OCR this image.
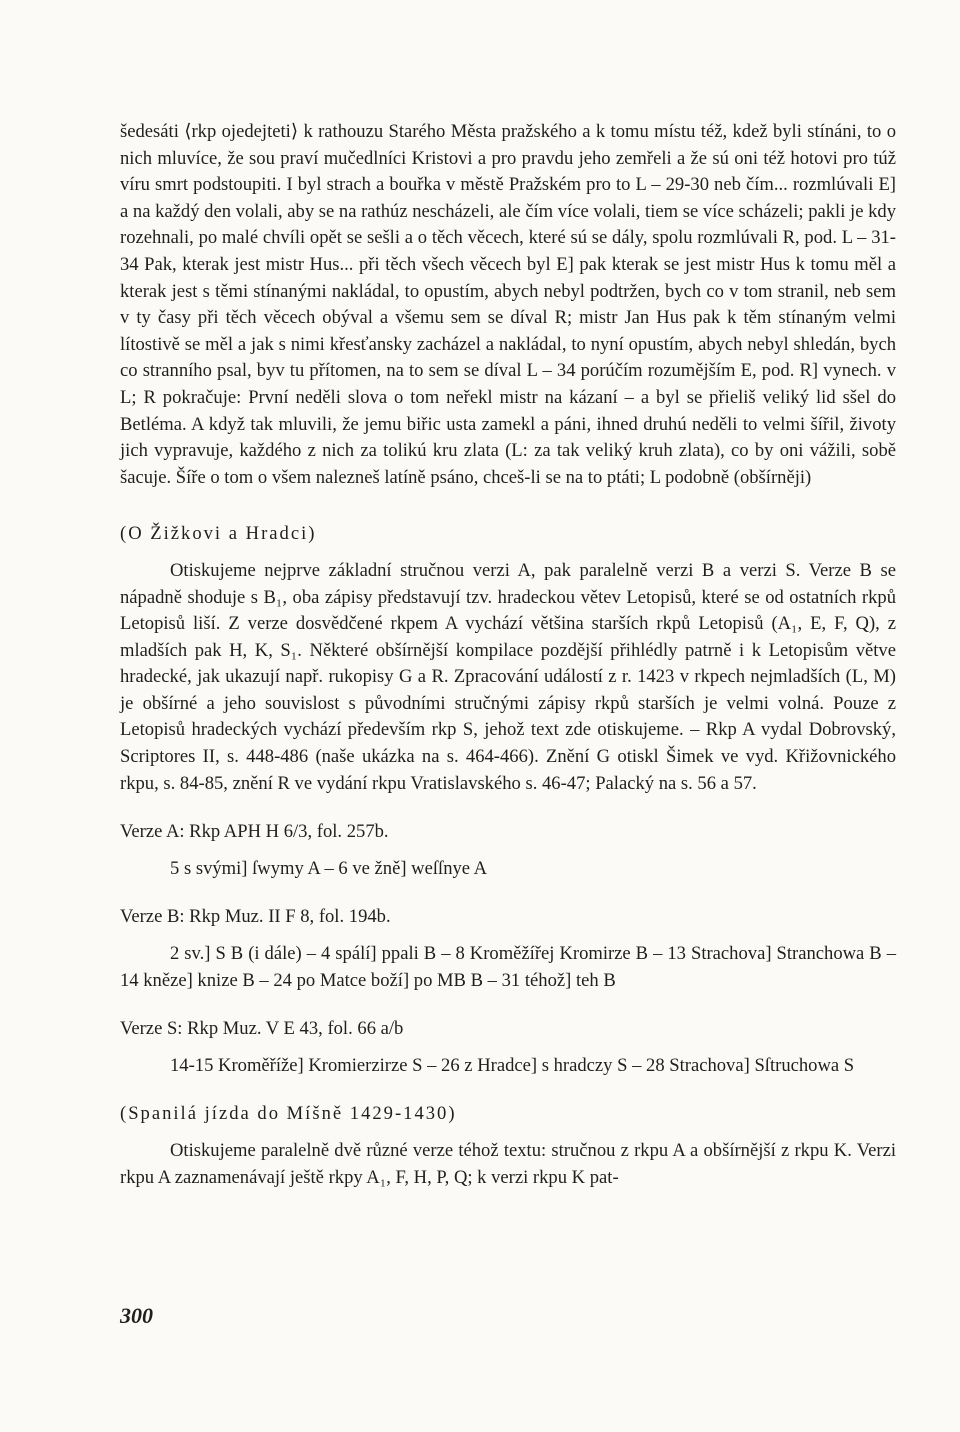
šedesáti ⟨rkp ojedejteti⟩ k rathouzu Starého Města pražského a k tomu místu též, kdež byli stínáni, to o nich mluvíce, že sou praví mučedlníci Kristovi a pro pravdu jeho zemřeli a že sú oni též hotovi pro túž víru smrt podstoupiti. I byl strach a bouřka v městě Pražském pro to L – 29-30 neb čím... rozmlúvali E] a na každý den volali, aby se na rathúz nescházeli, ale čím více volali, tiem se více scházeli; pakli je kdy rozehnali, po malé chvíli opět se sešli a o těch věcech, které sú se dály, spolu rozmlúvali R, pod. L – 31-34 Pak, kterak jest mistr Hus... při těch všech věcech byl E] pak kterak se jest mistr Hus k tomu měl a kterak jest s těmi stínanými nakládal, to opustím, abych nebyl podtržen, bych co v tom stranil, neb sem v ty časy při těch věcech obýval a všemu sem se díval R; mistr Jan Hus pak k těm stínaným velmi lítostivě se měl a jak s nimi křesťansky zacházel a nakládal, to nyní opustím, abych nebyl shledán, bych co stranního psal, byv tu přítomen, na to sem se díval L – 34 porúčím rozumějším E, pod. R] vynech. v L; R pokračuje: První neděli slova o tom neřekl mistr na kázaní – a byl se přieliš veliký lid sšel do Betléma. A když tak mluvili, že jemu biřic usta zamekl a páni, ihned druhú neděli to velmi šířil, životy jich vypravuje, každého z nich za tolikú kru zlata (L: za tak veliký kruh zlata), co by oni vážili, sobě šacuje. Šíře o tom o všem nalezneš latíně psáno, chceš-li se na to ptáti; L podobně (obšírněji)

(O Žižkovi a Hradci)

Otiskujeme nejprve základní stručnou verzi A, pak paralelně verzi B a verzi S. Verze B se nápadně shoduje s B₁, oba zápisy představují tzv. hradeckou větev Letopisů, které se od ostatních rkpů Letopisů liší. Z verze dosvědčené rkpem A vychází většina starších rkpů Letopisů (A₁, E, F, Q), z mladších pak H, K, S₁. Některé obšírnější kompilace pozdější přihlédly patrně i k Letopisům větve hradecké, jak ukazují např. rukopisy G a R. Zpracování událostí z r. 1423 v rkpech nejmladších (L, M) je obšírné a jeho souvislost s původními stručnými zápisy rkpů starších je velmi volná. Pouze z Letopisů hradeckých vychází především rkp S, jehož text zde otiskujeme. – Rkp A vydal Dobrovský, Scriptores II, s. 448-486 (naše ukázka na s. 464-466). Znění G otiskl Šimek ve vyd. Křižovnického rkpu, s. 84-85, znění R ve vydání rkpu Vratislavského s. 46-47; Palacký na s. 56 a 57.

Verze A: Rkp APH H 6/3, fol. 257b.

5 s svými] ſwymy A – 6 ve žně] weſſnye A

Verze B: Rkp Muz. II F 8, fol. 194b.

2 sv.] S B (i dále) – 4 spálí] ppali B – 8 Kroměžířej Kromirze B – 13 Strachova] Stranchowa B – 14 kněze] knize B – 24 po Matce boží] po MB B – 31 téhož] teh B

Verze S: Rkp Muz. V E 43, fol. 66 a/b

14-15 Kroměříže] Kromierzirze S – 26 z Hradce] s hradczy S – 28 Strachova] Sſtruchowa S

(Spanilá jízda do Míšně 1429-1430)

Otiskujeme paralelně dvě různé verze téhož textu: stručnou z rkpu A a obšírnější z rkpu K. Verzi rkpu A zaznamenávají ještě rkpy A₁, F, H, P, Q; k verzi rkpu K pat-

300
